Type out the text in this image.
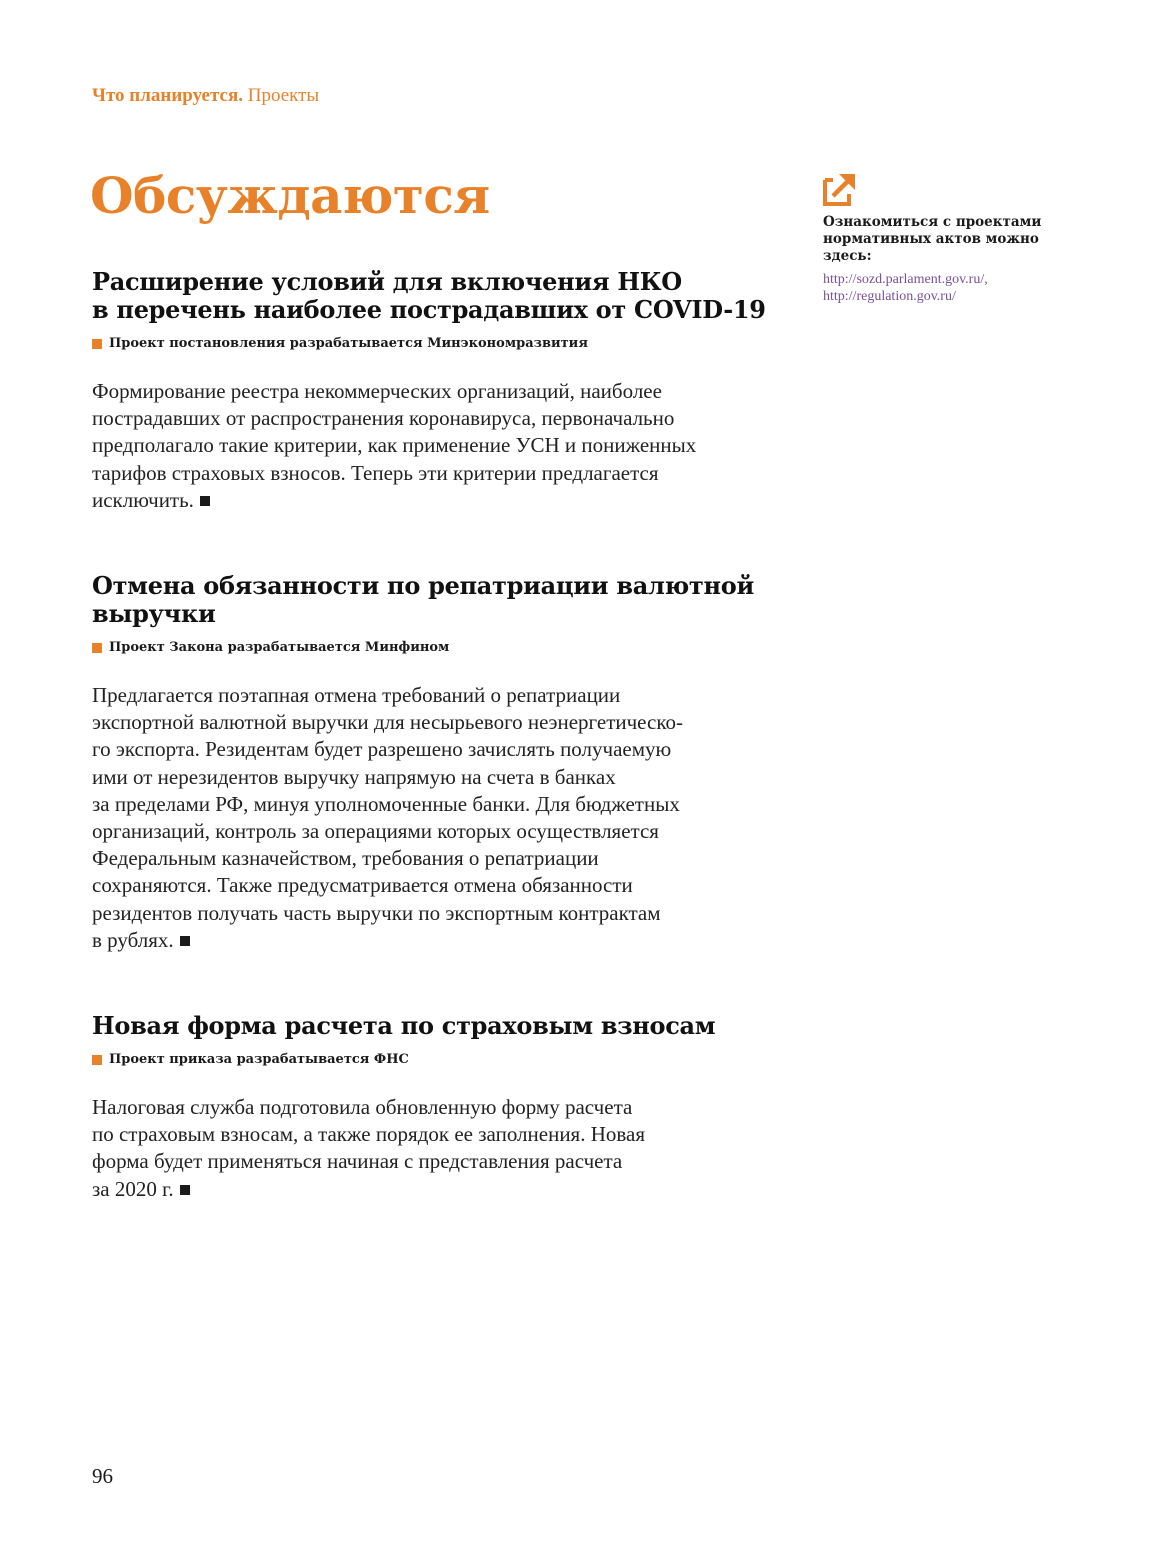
Что планируется. Проекты
Обсуждаются
Расширение условий для включения НКО
в перечень наиболее пострадавших от COVID-19
Проект постановления разрабатывается Минэкономразвития

Формирование реестра некоммерческих организаций, наиболее
пострадавших от распространения коронавируса, первоначально
предполагало такие критерии, как применение УСН и пониженных
тарифов страховых взносов. Теперь эти критерии предлагается
исключить.

Отмена обязанности по репатриации валютной
выручки
Проект Закона разрабатывается Минфином

Предлагается поэтапная отмена требований о репатриации
экспортной валютной выручки для несырьевого неэнергетическо-
го экспорта. Резидентам будет разрешено зачислять получаемую
ими от нерезидентов выручку напрямую на счета в банках
за пределами РФ, минуя уполномоченные банки. Для бюджетных
организаций, контроль за операциями которых осуществляется
Федеральным казначейством, требования о репатриации
сохраняются. Также предусматривается отмена обязанности
резидентов получать часть выручки по экспортным контрактам
в рублях.

Новая форма расчета по страховым взносам
Проект приказа разрабатывается ФНС

Налоговая служба подготовила обновленную форму расчета
по страховым взносам, а также порядок ее заполнения. Новая
форма будет применяться начиная с представления расчета
за 2020 г.

Ознакомиться с проектами
нормативных актов можно
здесь:
http://sozd.parlament.gov.ru/,
http://regulation.gov.ru/
96
